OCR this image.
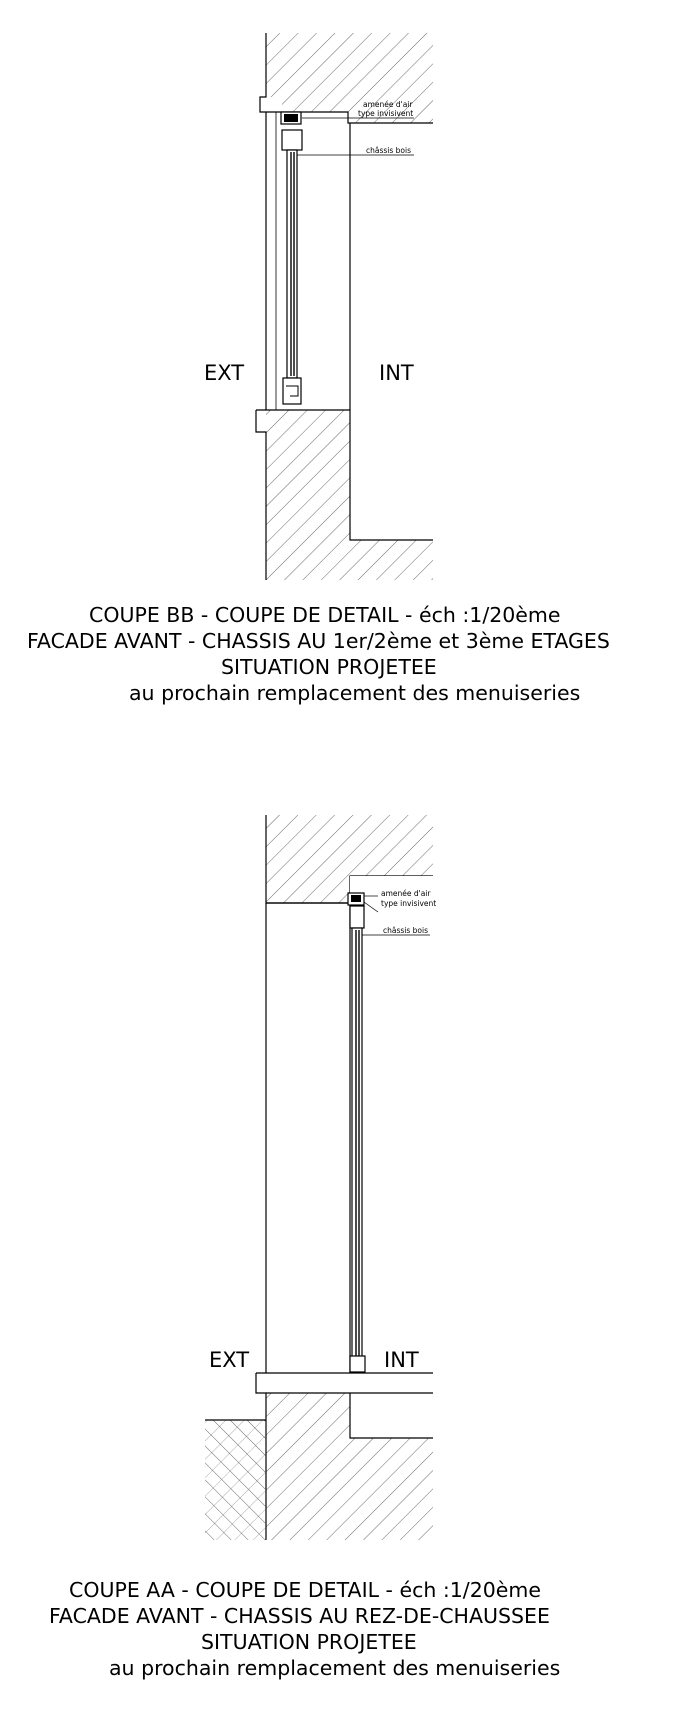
amenée d'air
type invisivent
châssis bois
EXT	INT
COUPE BB - COUPE DE DETAIL - éch :1/20ème
FACADE AVANT - CHASSIS AU 1er/2ème et 3ème ETAGES
SITUATION PROJETEE
au prochain remplacement des menuiseries
amenée d'air
type invisivent
châssis bois
EXT	INT
COUPE AA - COUPE DE DETAIL - éch :1/20ème
FACADE AVANT - CHASSIS AU REZ-DE-CHAUSSEE
SITUATION PROJETEE
au prochain remplacement des menuiseries
